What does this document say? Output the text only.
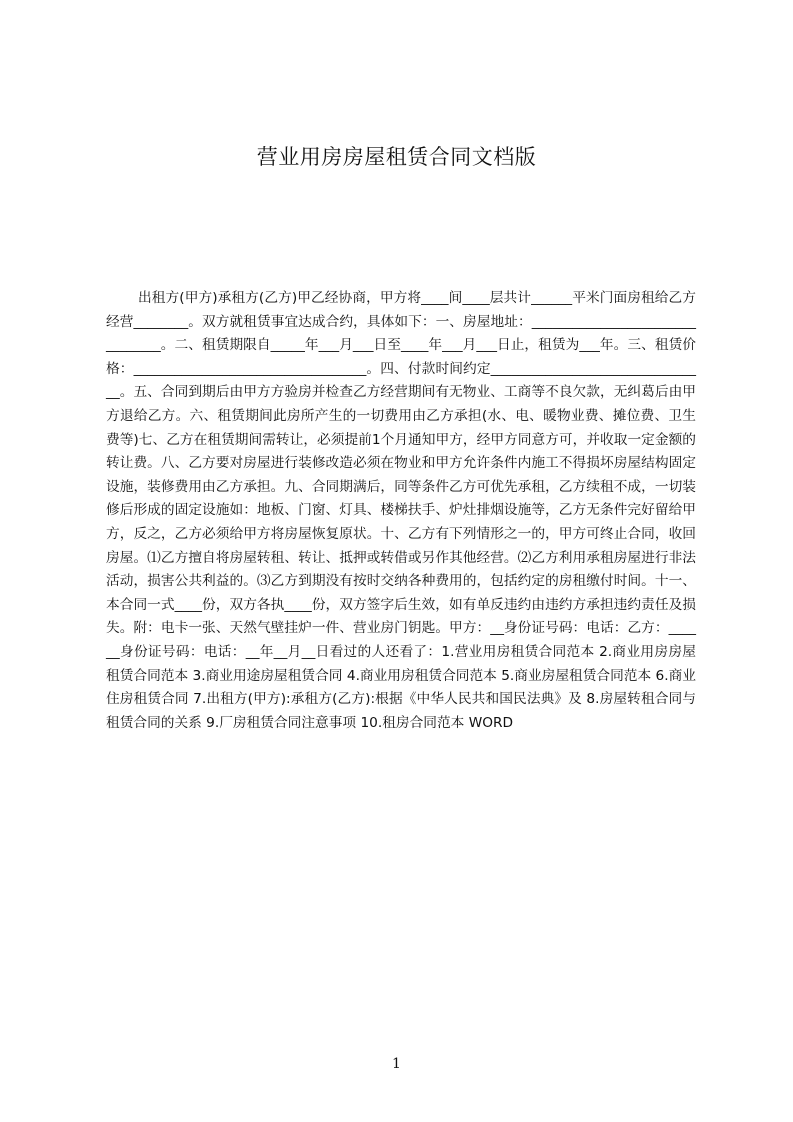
营业用房房屋租赁合同文档版

出租方(甲方)承租方(乙方)甲乙经协商，甲方将____间____层共计______平米门面房租给乙方经营________。双方就租赁事宜达成合约，具体如下：一、房屋地址：________________________________。二、租赁期限自_____年___月___日至____年___月___日止，租赁为___年。三、租赁价格：__________________________________。四、付款时间约定________________________________。五、合同到期后由甲方方验房并检查乙方经营期间有无物业、工商等不良欠款，无纠葛后由甲方退给乙方。六、租赁期间此房所产生的一切费用由乙方承担(水、电、暖物业费、摊位费、卫生费等)七、乙方在租赁期间需转让，必须提前1个月通知甲方，经甲方同意方可，并收取一定金额的转让费。八、乙方要对房屋进行装修改造必须在物业和甲方允许条件内施工不得损坏房屋结构固定设施，装修费用由乙方承担。九、合同期满后，同等条件乙方可优先承租，乙方续租不成，一切装修后形成的固定设施如：地板、门窗、灯具、楼梯扶手、炉灶排烟设施等，乙方无条件完好留给甲方，反之，乙方必须给甲方将房屋恢复原状。十、乙方有下列情形之一的，甲方可终止合同，收回房屋。⑴乙方擅自将房屋转租、转让、抵押或转借或另作其他经营。⑵乙方利用承租房屋进行非法活动，损害公共利益的。⑶乙方到期没有按时交纳各种费用的，包括约定的房租缴付时间。十一、本合同一式____份，双方各执____份，双方签字后生效，如有单反违约由违约方承担违约责任及损失。附：电卡一张、天然气壁挂炉一件、营业房门钥匙。甲方：__身份证号码：电话：乙方：______身份证号码：电话：__年__月__日看过的人还看了：1.营业用房租赁合同范本 2.商业用房房屋租赁合同范本 3.商业用途房屋租赁合同 4.商业用房租赁合同范本 5.商业房屋租赁合同范本 6.商业住房租赁合同 7.出租方(甲方):承租方(乙方):根据《中华人民共和国民法典》及 8.房屋转租合同与租赁合同的关系 9.厂房租赁合同注意事项 10.租房合同范本 WORD

1
